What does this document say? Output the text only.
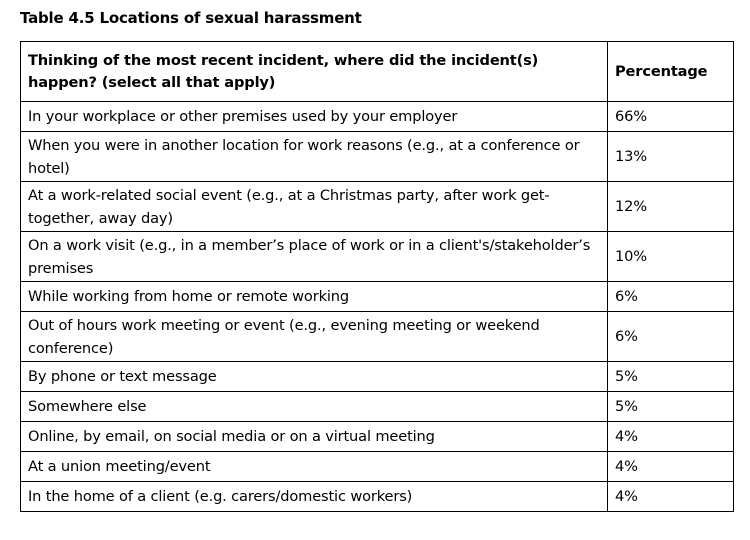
Table 4.5 Locations of sexual harassment
Thinking of the most recent incident, where did the incident(s) happen? (select all that apply)	Percentage
In your workplace or other premises used by your employer	66%
When you were in another location for work reasons (e.g., at a conference or hotel)	13%
At a work-related social event (e.g., at a Christmas party, after work get-together, away day)	12%
On a work visit (e.g., in a member’s place of work or in a client's/stakeholder’s premises	10%
While working from home or remote working	6%
Out of hours work meeting or event (e.g., evening meeting or weekend conference)	6%
By phone or text message	5%
Somewhere else	5%
Online, by email, on social media or on a virtual meeting	4%
At a union meeting/event	4%
In the home of a client (e.g. carers/domestic workers)	4%
